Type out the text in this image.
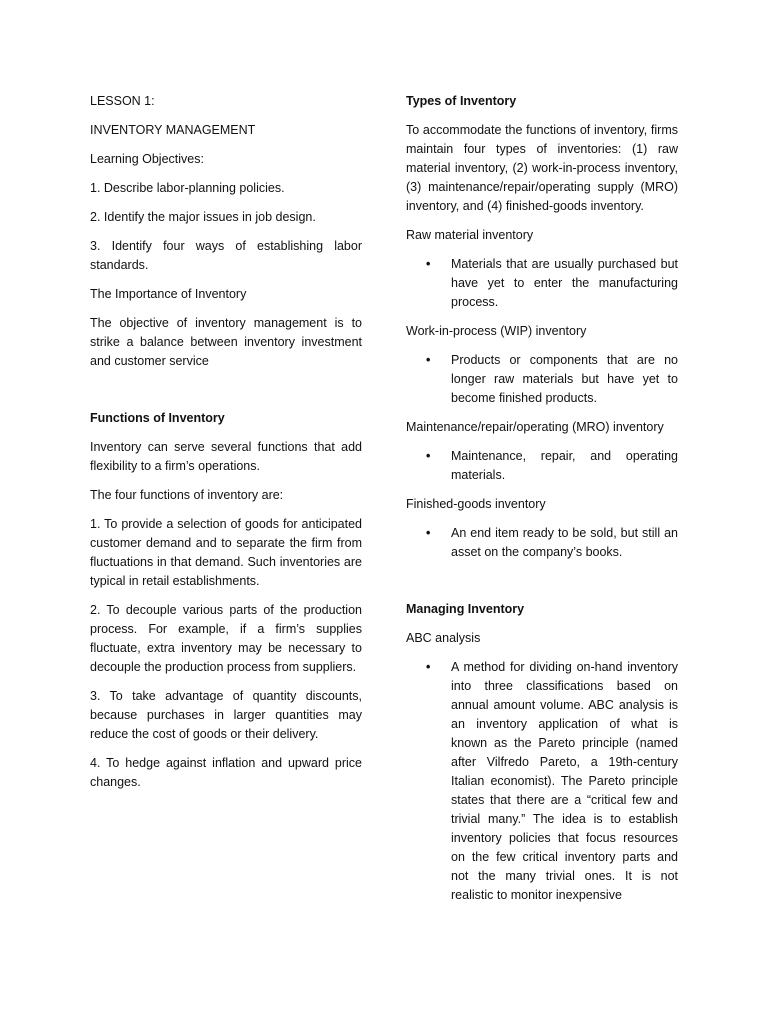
LESSON 1:

INVENTORY MANAGEMENT

Learning Objectives:

1. Describe labor-planning policies.

2. Identify the major issues in job design.

3. Identify four ways of establishing labor standards.

The Importance of Inventory

The objective of inventory management is to strike a balance between inventory investment and customer service

Functions of Inventory

Inventory can serve several functions that add flexibility to a firm’s operations.

The four functions of inventory are:

1. To provide a selection of goods for anticipated customer demand and to separate the firm from fluctuations in that demand. Such inventories are typical in retail establishments.

2. To decouple various parts of the production process. For example, if a firm’s supplies fluctuate, extra inventory may be necessary to decouple the production process from suppliers.

3. To take advantage of quantity discounts, because purchases in larger quantities may reduce the cost of goods or their delivery.

4. To hedge against inflation and upward price changes.

Types of Inventory

To accommodate the functions of inventory, firms maintain four types of inventories: (1) raw material inventory, (2) work-in-process inventory, (3) maintenance/repair/operating supply (MRO) inventory, and (4) finished-goods inventory.

Raw material inventory

• Materials that are usually purchased but have yet to enter the manufacturing process.

Work-in-process (WIP) inventory

• Products or components that are no longer raw materials but have yet to become finished products.

Maintenance/repair/operating (MRO) inventory

• Maintenance, repair, and operating materials.

Finished-goods inventory

• An end item ready to be sold, but still an asset on the company’s books.

Managing Inventory

ABC analysis

• A method for dividing on-hand inventory into three classifications based on annual amount volume. ABC analysis is an inventory application of what is known as the Pareto principle (named after Vilfredo Pareto, a 19th-century Italian economist). The Pareto principle states that there are a “critical few and trivial many.” The idea is to establish inventory policies that focus resources on the few critical inventory parts and not the many trivial ones. It is not realistic to monitor inexpensive
